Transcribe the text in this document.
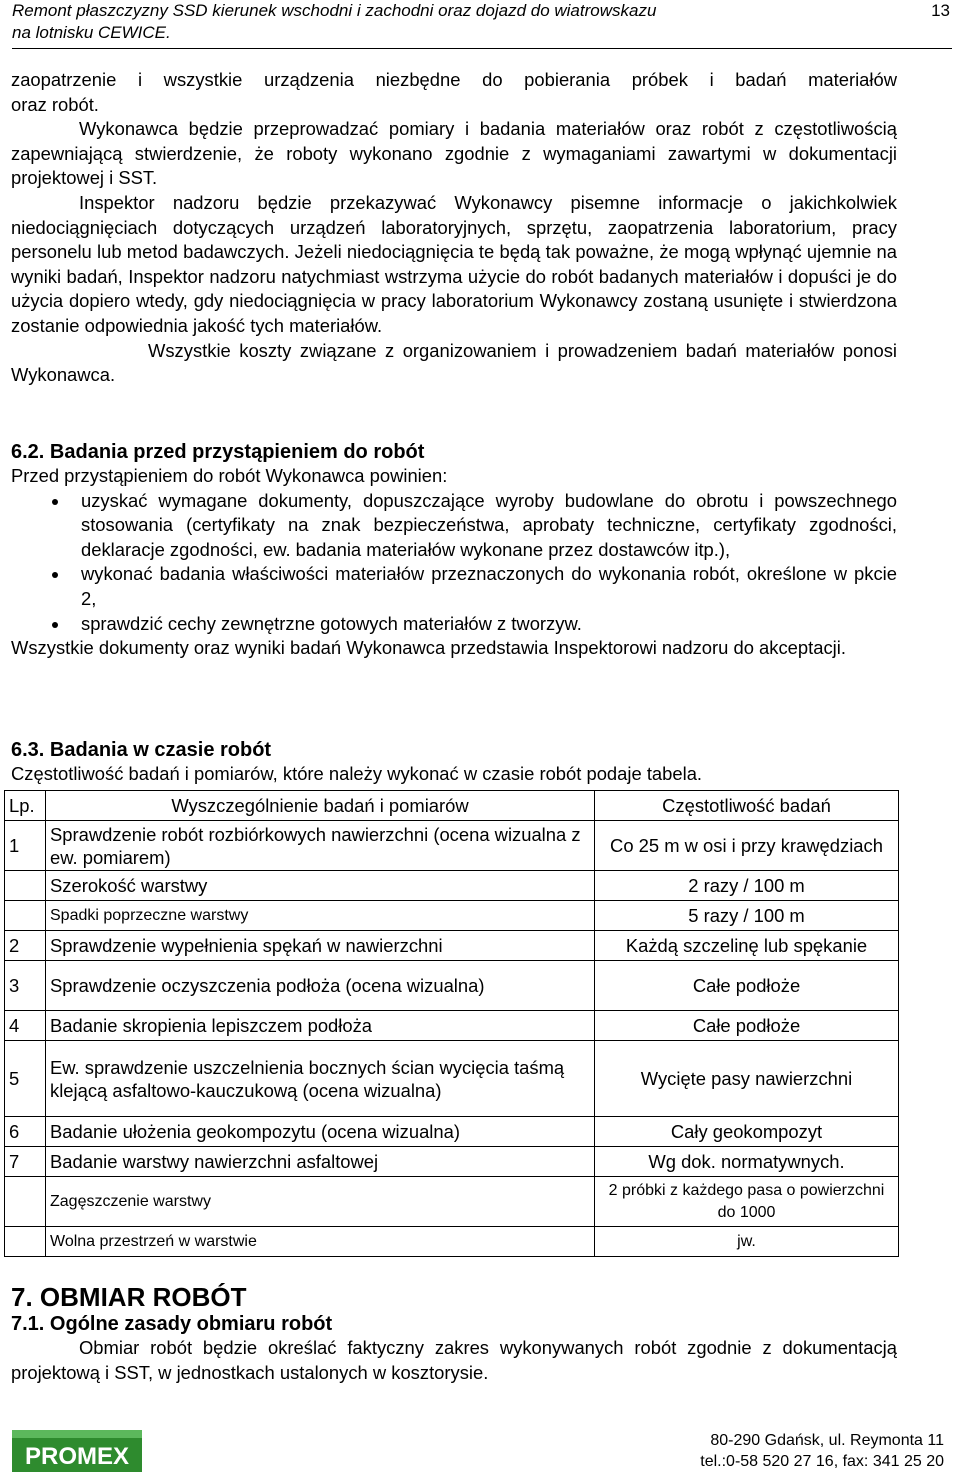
Remont płaszczyzny SSD kierunek wschodni i zachodni oraz dojazd do wiatrowskazu
na lotnisku CEWICE.
13

zaopatrzenie i wszystkie urządzenia niezbędne do pobierania próbek i badań materiałów

oraz robót.

Wykonawca będzie przeprowadzać pomiary i badania materiałów oraz robót z częstotliwością zapewniającą stwierdzenie, że roboty wykonano zgodnie z wymaganiami zawartymi w dokumentacji projektowej i SST.

Inspektor nadzoru będzie przekazywać Wykonawcy pisemne informacje o jakichkolwiek niedociągnięciach dotyczących urządzeń laboratoryjnych, sprzętu, zaopatrzenia laboratorium, pracy personelu lub metod badawczych. Jeżeli niedociągnięcia te będą tak poważne, że mogą wpłynąć ujemnie na wyniki badań, Inspektor nadzoru natychmiast wstrzyma użycie do robót badanych materiałów i dopuści je do użycia dopiero wtedy, gdy niedociągnięcia w pracy laboratorium Wykonawcy zostaną usunięte i stwierdzona zostanie odpowiednia jakość tych materiałów.

Wszystkie koszty związane z organizowaniem i prowadzeniem badań materiałów ponosi Wykonawca.

6.2. Badania przed przystąpieniem do robót

Przed przystąpieniem do robót Wykonawca powinien:

uzyskać wymagane dokumenty, dopuszczające wyroby budowlane do obrotu i powszechnego stosowania (certyfikaty na znak bezpieczeństwa, aprobaty techniczne, certyfikaty zgodności, deklaracje zgodności, ew. badania materiałów wykonane przez dostawców itp.),
wykonać badania właściwości materiałów przeznaczonych do wykonania robót, określone w pkcie 2,
sprawdzić cechy zewnętrzne gotowych materiałów z tworzyw.

Wszystkie dokumenty oraz wyniki badań Wykonawca przedstawia Inspektorowi nadzoru do akceptacji.

6.3. Badania w czasie robót

Częstotliwość badań i pomiarów, które należy wykonać w czasie robót podaje tabela.

Lp.	Wyszczególnienie badań i pomiarów	Częstotliwość badań
1	Sprawdzenie robót rozbiórkowych nawierzchni (ocena wizualna z ew. pomiarem)	Co 25 m w osi i przy krawędziach
	Szerokość warstwy	2 razy / 100 m
	Spadki poprzeczne warstwy	5 razy / 100 m
2	Sprawdzenie wypełnienia spękań w nawierzchni	Każdą szczelinę lub spękanie
3	Sprawdzenie oczyszczenia podłoża (ocena wizualna)	Całe podłoże
4	Badanie skropienia lepiszczem podłoża	Całe podłoże
5	Ew. sprawdzenie uszczelnienia bocznych ścian wycięcia taśmą klejącą asfaltowo-kauczukową (ocena wizualna)	Wycięte pasy nawierzchni
6	Badanie ułożenia geokompozytu (ocena wizualna)	Cały geokompozyt
7	Badanie warstwy nawierzchni asfaltowej	Wg dok. normatywnych.
	Zagęszczenie warstwy	2 próbki z każdego pasa o powierzchni do 1000
	Wolna przestrzeń w warstwie	jw.

7. OBMIAR ROBÓT

7.1. Ogólne zasady obmiaru robót

Obmiar robót będzie określać faktyczny zakres wykonywanych robót zgodnie z dokumentacją projektową i SST, w jednostkach ustalonych w kosztorysie.

PROMEX
80-290 Gdańsk, ul. Reymonta 11
tel.:0-58 520 27 16, fax: 341 25 20
